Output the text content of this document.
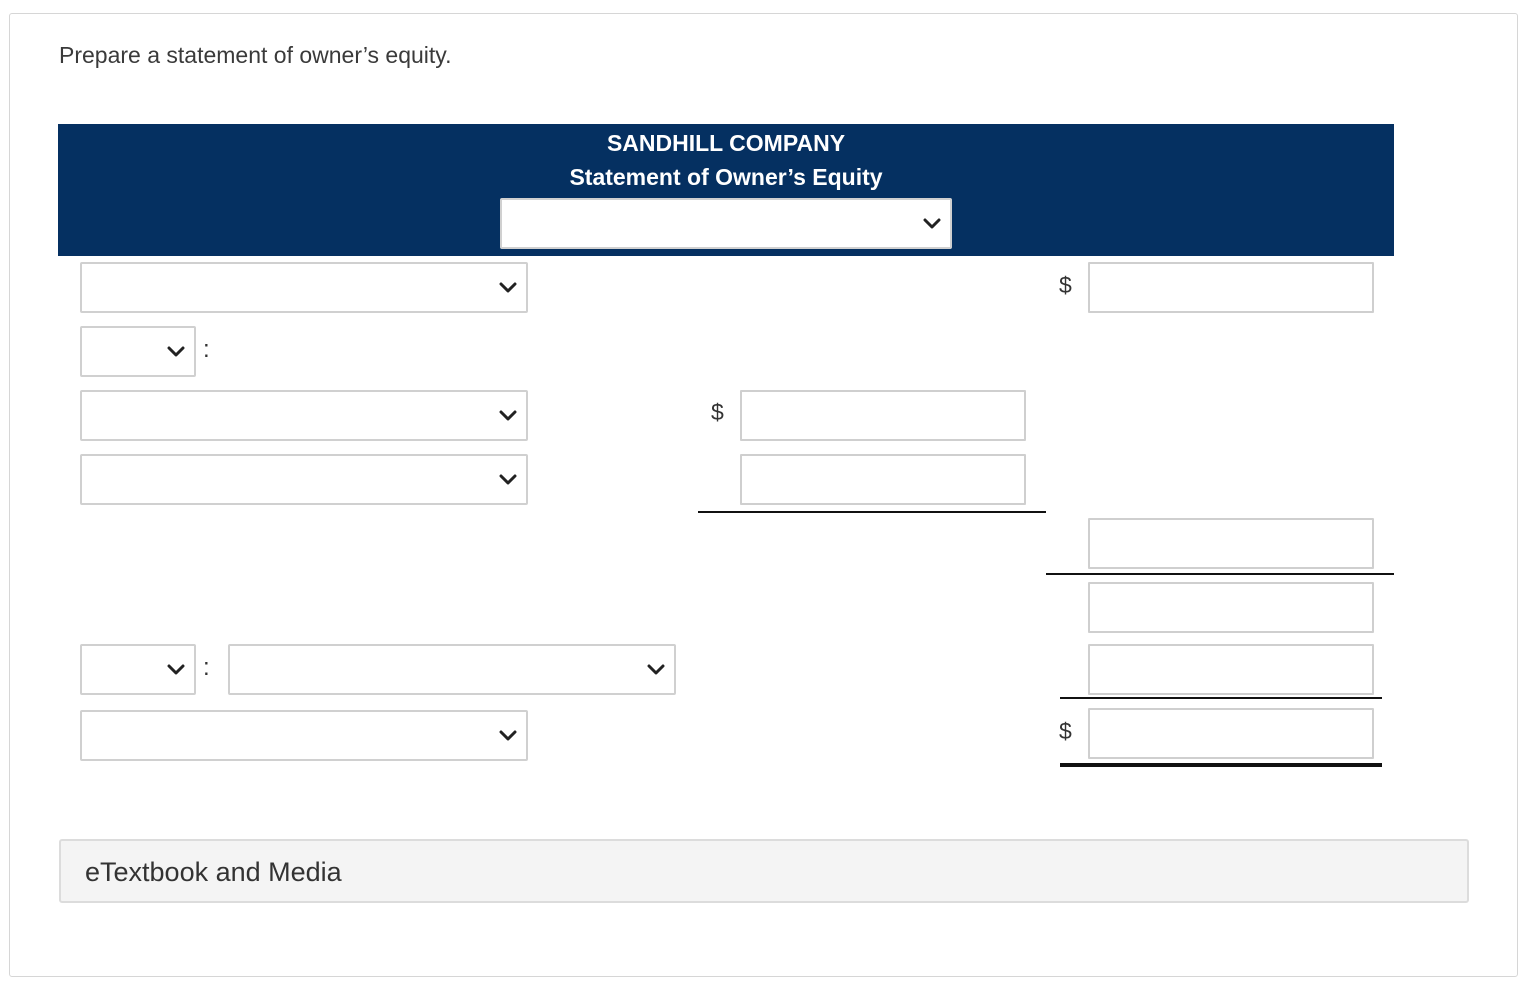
Prepare a statement of owner’s equity.

SANDHILL COMPANY
Statement of Owner’s Equity
$
:
$
:
$
eTextbook and Media
